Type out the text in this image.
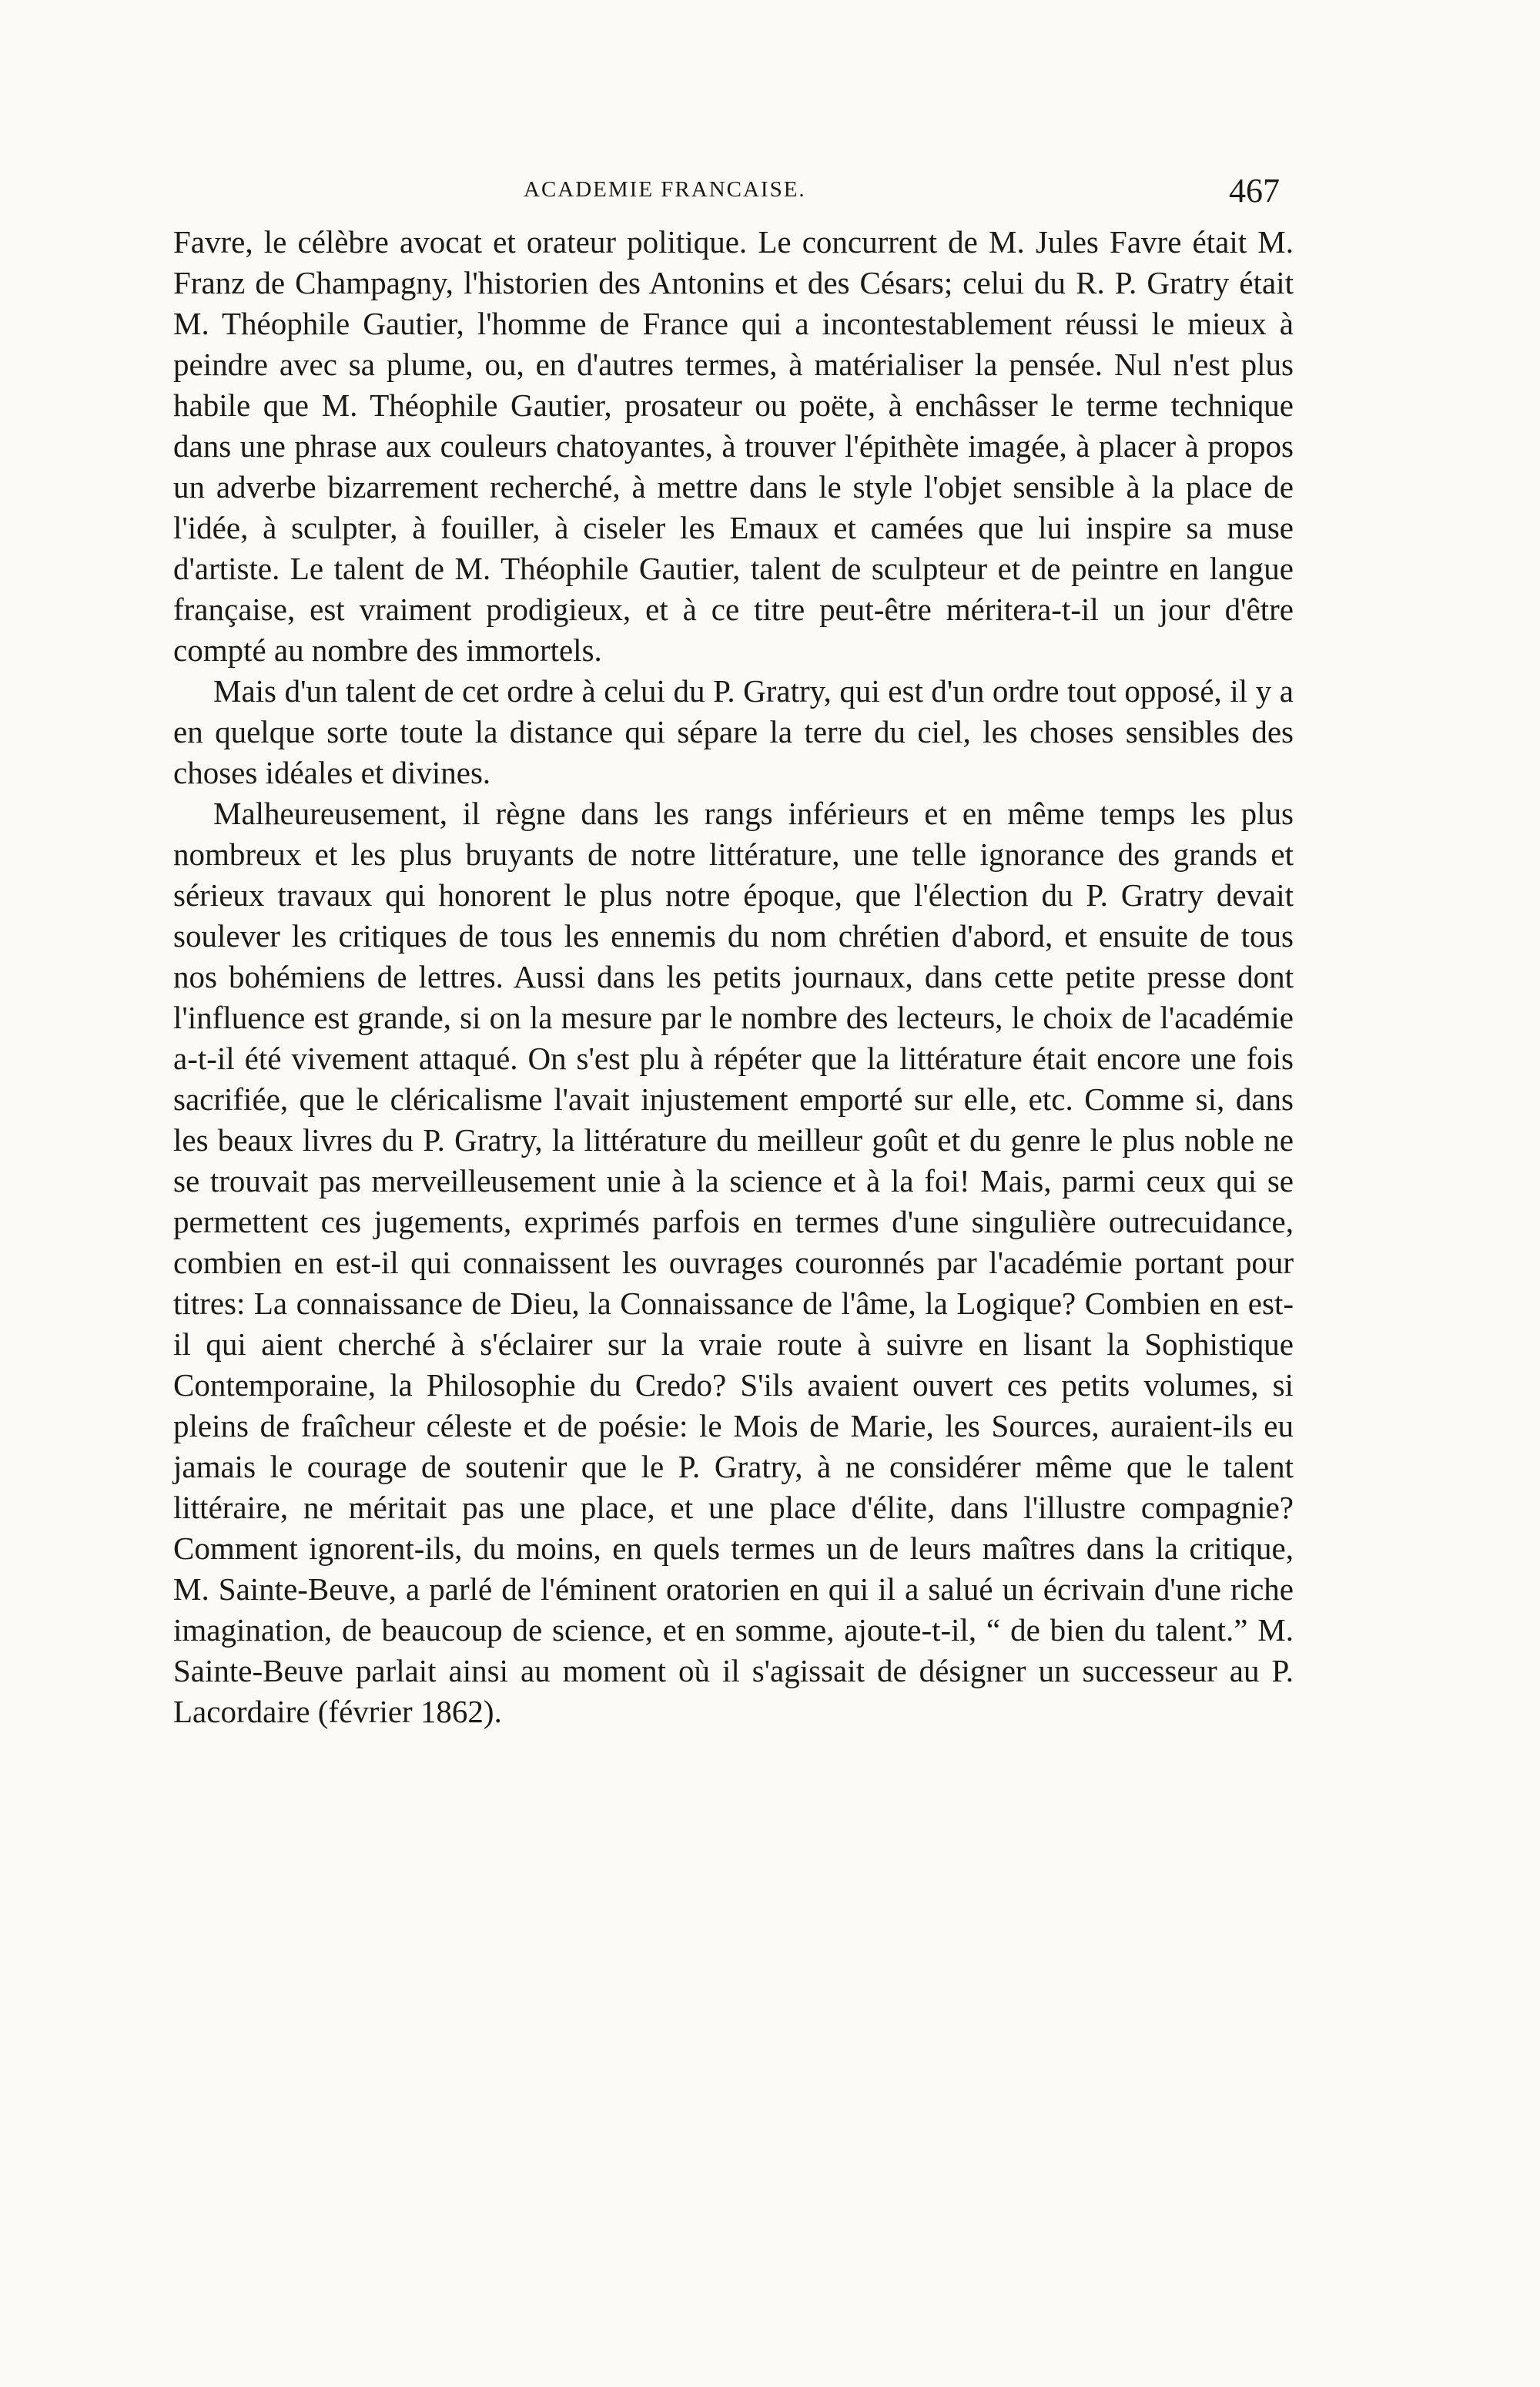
ACADEMIE FRANCAISE.	467

Favre, le célèbre avocat et orateur politique. Le concurrent de M. Jules Favre était M. Franz de Champagny, l'historien des Antonins et des Césars; celui du R. P. Gratry était M. Théophile Gautier, l'homme de France qui a incontestablement réussi le mieux à peindre avec sa plume, ou, en d'autres termes, à matérialiser la pensée. Nul n'est plus habile que M. Théophile Gautier, prosateur ou poëte, à enchâsser le terme technique dans une phrase aux couleurs chatoyantes, à trouver l'épithète imagée, à placer à propos un adverbe bizarrement recherché, à mettre dans le style l'objet sensible à la place de l'idée, à sculpter, à fouiller, à ciseler les Emaux et camées que lui inspire sa muse d'artiste. Le talent de M. Théophile Gautier, talent de sculpteur et de peintre en langue française, est vraiment prodigieux, et à ce titre peut-être méritera-t-il un jour d'être compté au nombre des immortels.

Mais d'un talent de cet ordre à celui du P. Gratry, qui est d'un ordre tout opposé, il y a en quelque sorte toute la distance qui sépare la terre du ciel, les choses sensibles des choses idéales et divines.

Malheureusement, il règne dans les rangs inférieurs et en même temps les plus nombreux et les plus bruyants de notre littérature, une telle ignorance des grands et sérieux travaux qui honorent le plus notre époque, que l'élection du P. Gratry devait soulever les critiques de tous les ennemis du nom chrétien d'abord, et ensuite de tous nos bohémiens de lettres. Aussi dans les petits journaux, dans cette petite presse dont l'influence est grande, si on la mesure par le nombre des lecteurs, le choix de l'académie a-t-il été vivement attaqué. On s'est plu à répéter que la littérature était encore une fois sacrifiée, que le cléricalisme l'avait injustement emporté sur elle, etc. Comme si, dans les beaux livres du P. Gratry, la littérature du meilleur goût et du genre le plus noble ne se trouvait pas merveilleusement unie à la science et à la foi! Mais, parmi ceux qui se permettent ces jugements, exprimés parfois en termes d'une singulière outrecuidance, combien en est-il qui connaissent les ouvrages couronnés par l'académie portant pour titres: La connaissance de Dieu, la Connaissance de l'âme, la Logique? Combien en est-il qui aient cherché à s'éclairer sur la vraie route à suivre en lisant la Sophistique Contemporaine, la Philosophie du Credo? S'ils avaient ouvert ces petits volumes, si pleins de fraîcheur céleste et de poésie: le Mois de Marie, les Sources, auraient-ils eu jamais le courage de soutenir que le P. Gratry, à ne considérer même que le talent littéraire, ne méritait pas une place, et une place d'élite, dans l'illustre compagnie? Comment ignorent-ils, du moins, en quels termes un de leurs maîtres dans la critique, M. Sainte-Beuve, a parlé de l'éminent oratorien en qui il a salué un écrivain d'une riche imagination, de beaucoup de science, et en somme, ajoute-t-il, “ de bien du talent.” M. Sainte-Beuve parlait ainsi au moment où il s'agissait de désigner un successeur au P. Lacordaire (février 1862).
